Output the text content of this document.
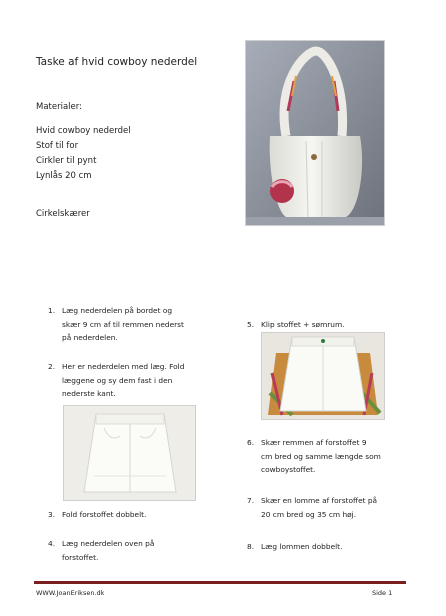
Taske af hvid cowboy nederdel
Materialer:
Hvid cowboy nederdel
Stof til for
Cirkler til pynt
Lynlås 20 cm
Cirkelskærer
1. Læg nederdelen på bordet og
skær 9 cm af til remmen nederst
på nederdelen.
2. Her er nederdelen med læg. Fold
læggene og sy dem fast i den
nederste kant.
3. Fold forstoffet dobbelt.
4. Læg nederdelen oven på
forstoffet.
5. Klip stoffet + sømrum.
6. Skær remmen af forstoffet 9
cm bred og samme længde som
cowboystoffet.
7. Skær en lomme af forstoffet på
20 cm bred og 35 cm høj.
8. Læg lommen dobbelt.
WWW.JoanEriksen.dk	Side 1
